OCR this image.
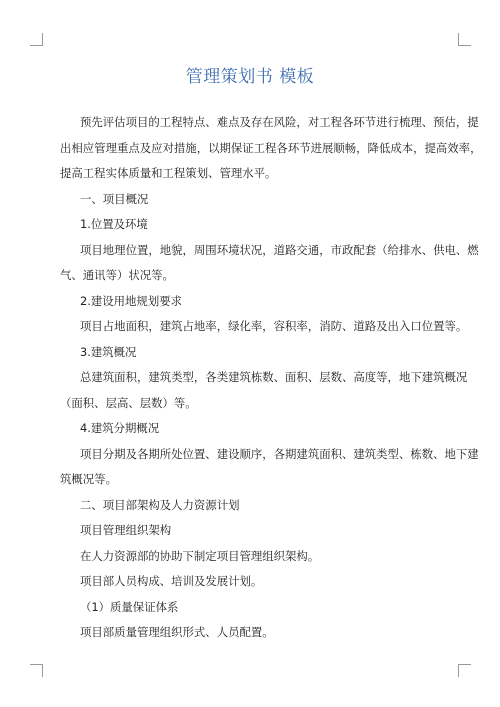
管理策划书 模板
预先评估项目的工程特点、难点及存在风险，对工程各环节进行梳理、预估，提
出相应管理重点及应对措施，以期保证工程各环节进展顺畅，降低成本，提高效率，
提高工程实体质量和工程策划、管理水平。
一、项目概况
1.位置及环境
项目地理位置，地貌，周围环境状况，道路交通，市政配套（给排水、供电、燃
气、通讯等）状况等。
2.建设用地规划要求
项目占地面积，建筑占地率，绿化率，容积率，消防、道路及出入口位置等。
3.建筑概况
总建筑面积，建筑类型，各类建筑栋数、面积、层数、高度等，地下建筑概况
（面积、层高、层数）等。
4.建筑分期概况
项目分期及各期所处位置、建设顺序，各期建筑面积、建筑类型、栋数、地下建
筑概况等。
二、项目部架构及人力资源计划
项目管理组织架构
在人力资源部的协助下制定项目管理组织架构。
项目部人员构成、培训及发展计划。
（1）质量保证体系
项目部质量管理组织形式、人员配置。
